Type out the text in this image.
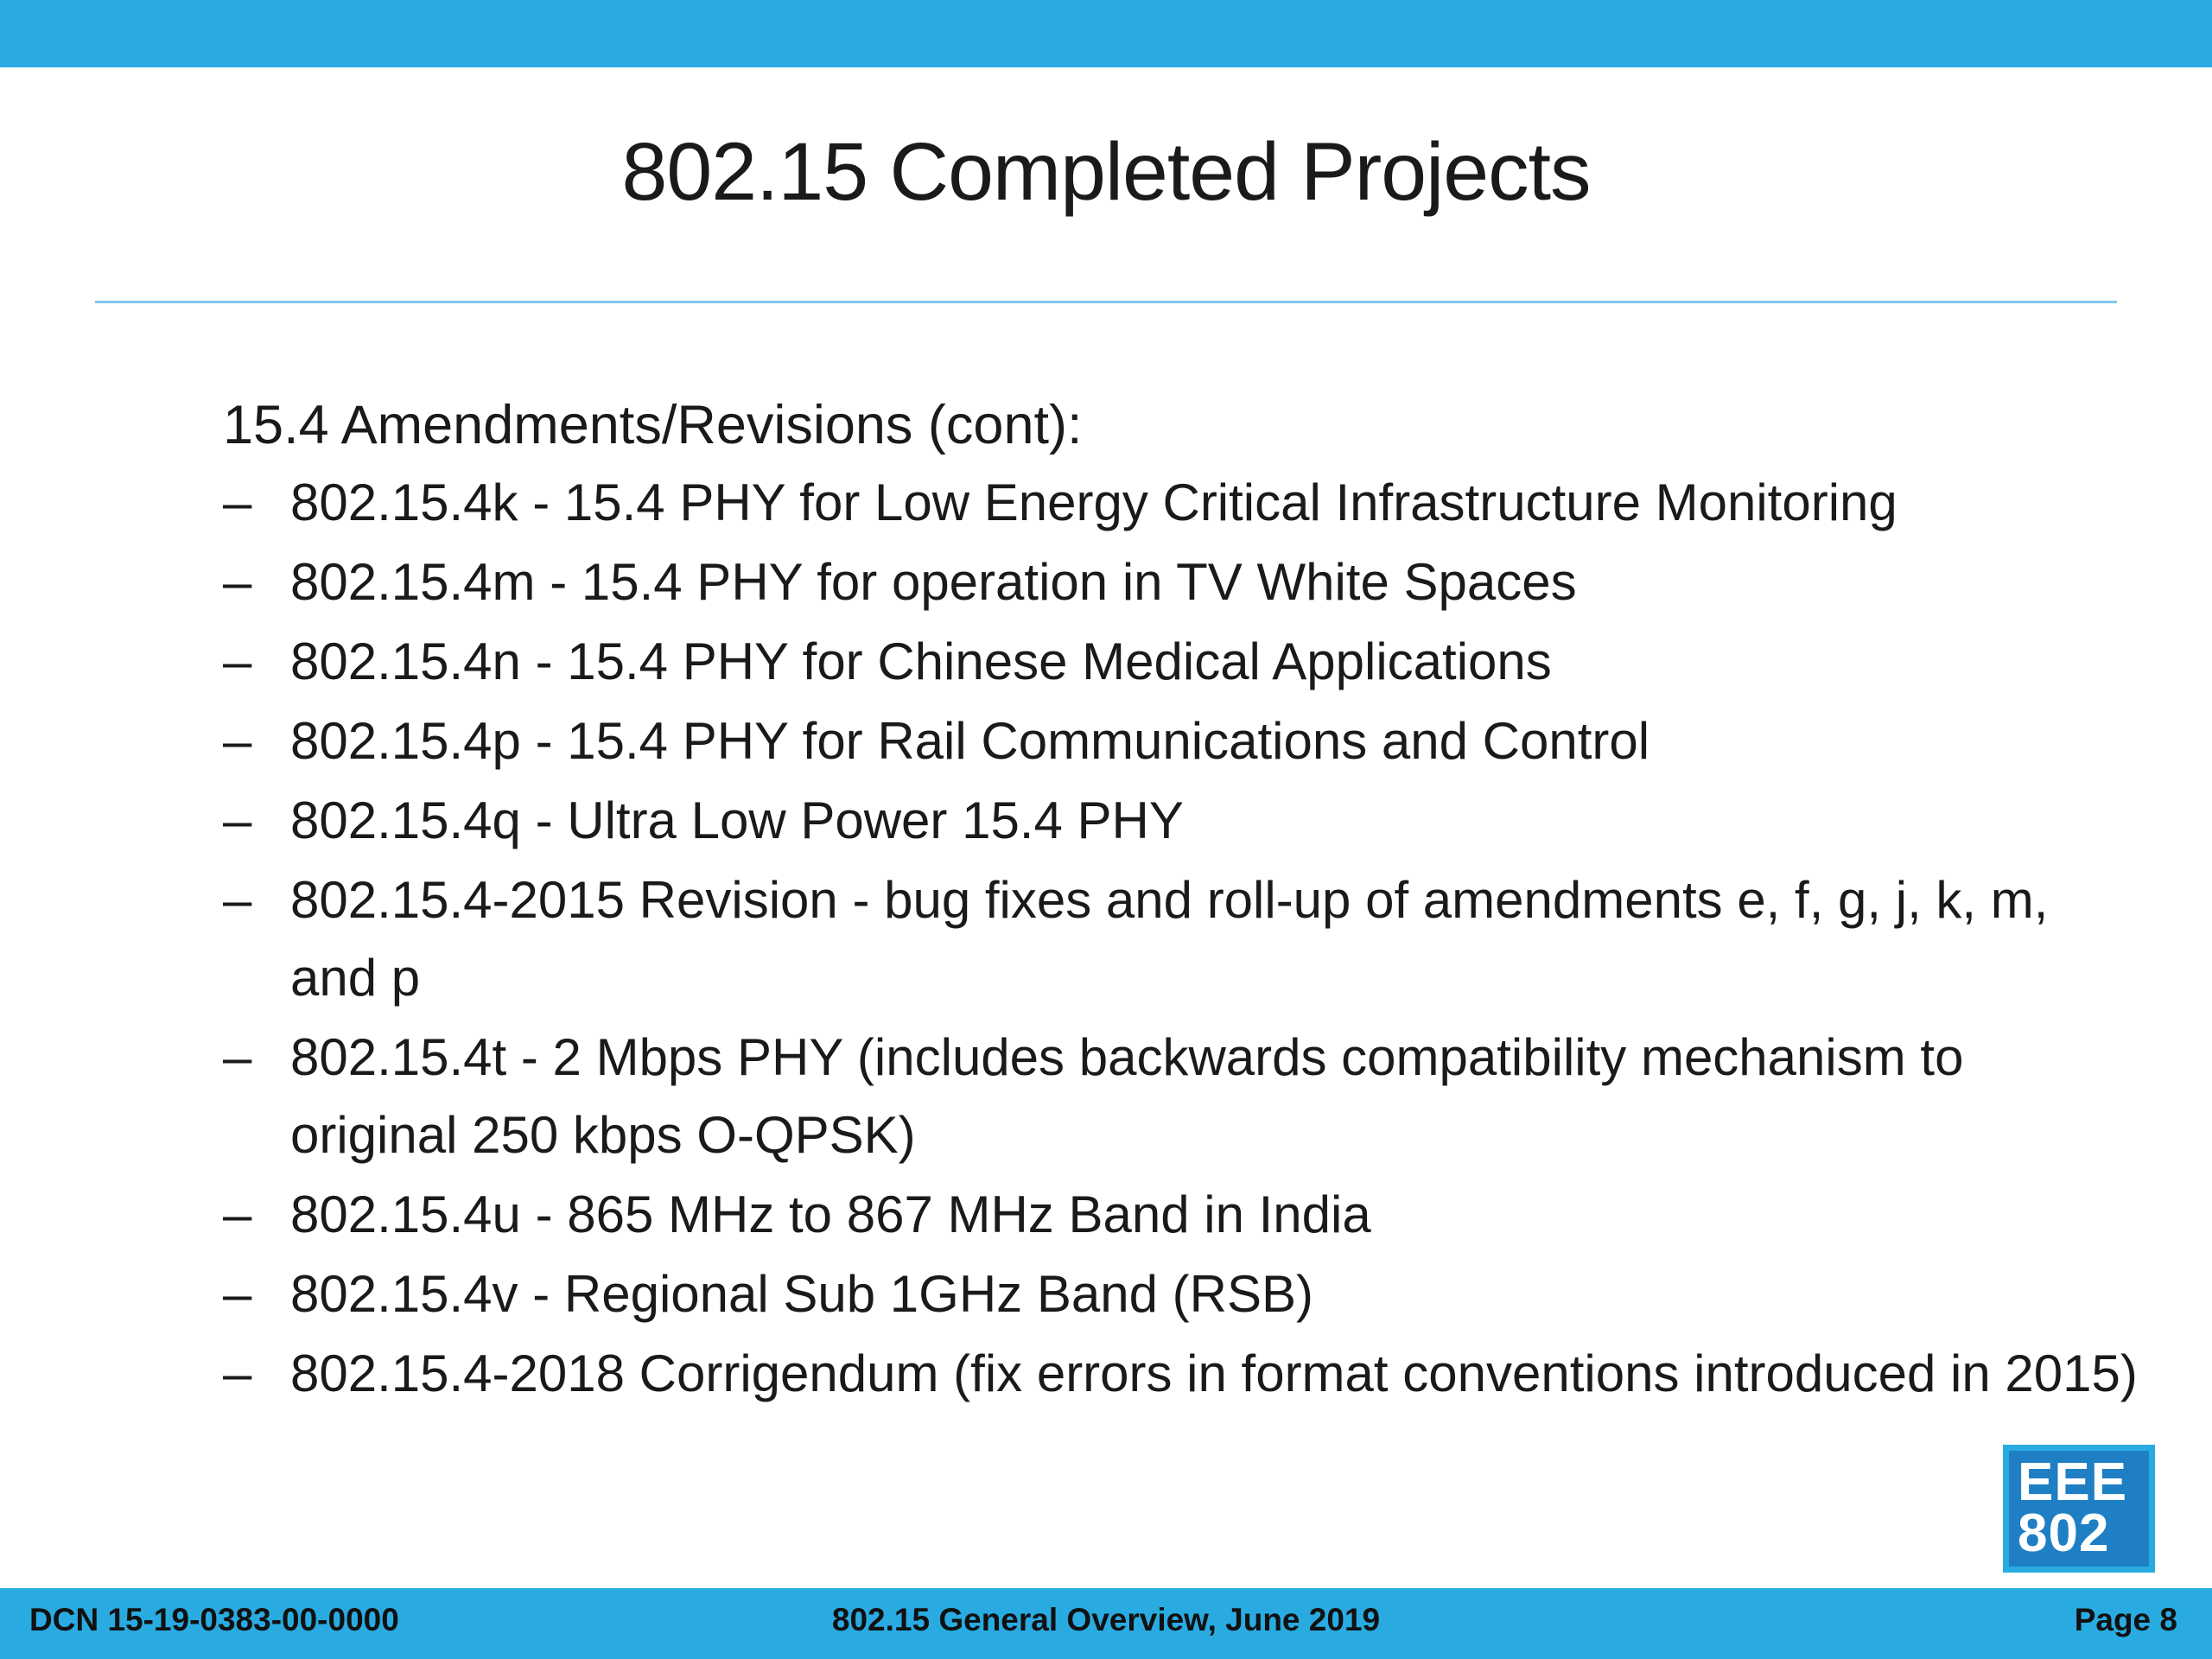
802.15 Completed Projects
15.4 Amendments/Revisions (cont):
– 802.15.4k - 15.4 PHY for Low Energy Critical Infrastructure Monitoring
– 802.15.4m - 15.4 PHY for operation in TV White Spaces
– 802.15.4n - 15.4 PHY for Chinese Medical Applications
– 802.15.4p - 15.4 PHY for Rail Communications and Control
– 802.15.4q - Ultra Low Power 15.4 PHY
– 802.15.4-2015 Revision - bug fixes and roll-up of amendments e, f, g, j, k, m, and p
– 802.15.4t - 2 Mbps PHY (includes backwards compatibility mechanism to original 250 kbps O-QPSK)
– 802.15.4u - 865 MHz to 867 MHz Band in India
– 802.15.4v - Regional Sub 1GHz Band (RSB)
– 802.15.4-2018 Corrigendum (fix errors in format conventions introduced in 2015)
EEE
802
DCN 15-19-0383-00-0000	802.15 General Overview, June 2019	Page 8
